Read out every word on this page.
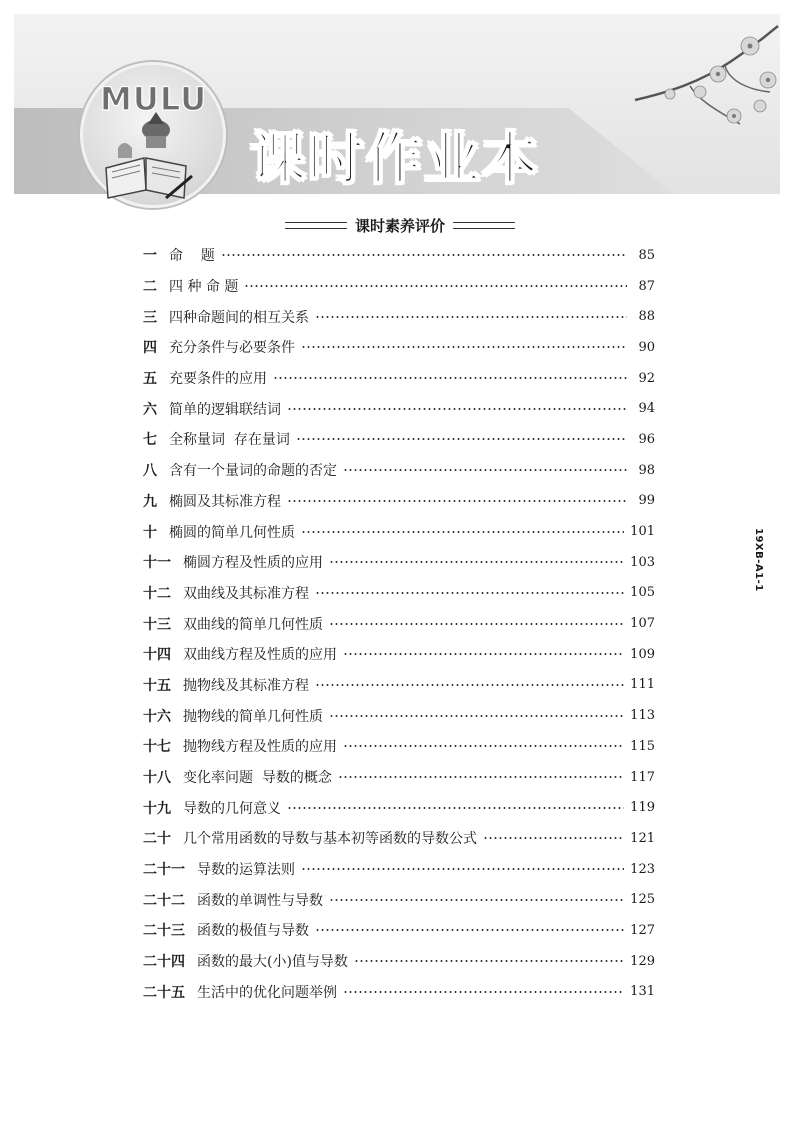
MULU
课时作业本
课时素养评价
一 命    题	85
二 四 种 命 题	87
三 四种命题间的相互关系	88
四 充分条件与必要条件	90
五 充要条件的应用	92
六 简单的逻辑联结词	94
七 全称量词  存在量词	96
八 含有一个量词的命题的否定	98
九 椭圆及其标准方程	99
十 椭圆的简单几何性质	101
十一 椭圆方程及性质的应用	103
十二 双曲线及其标准方程	105
十三 双曲线的简单几何性质	107
十四 双曲线方程及性质的应用	109
十五 抛物线及其标准方程	111
十六 抛物线的简单几何性质	113
十七 抛物线方程及性质的应用	115
十八 变化率问题  导数的概念	117
十九 导数的几何意义	119
二十 几个常用函数的导数与基本初等函数的导数公式	121
二十一 导数的运算法则	123
二十二 函数的单调性与导数	125
二十三 函数的极值与导数	127
二十四 函数的最大(小)值与导数	129
二十五 生活中的优化问题举例	131
19XB-A1-1
